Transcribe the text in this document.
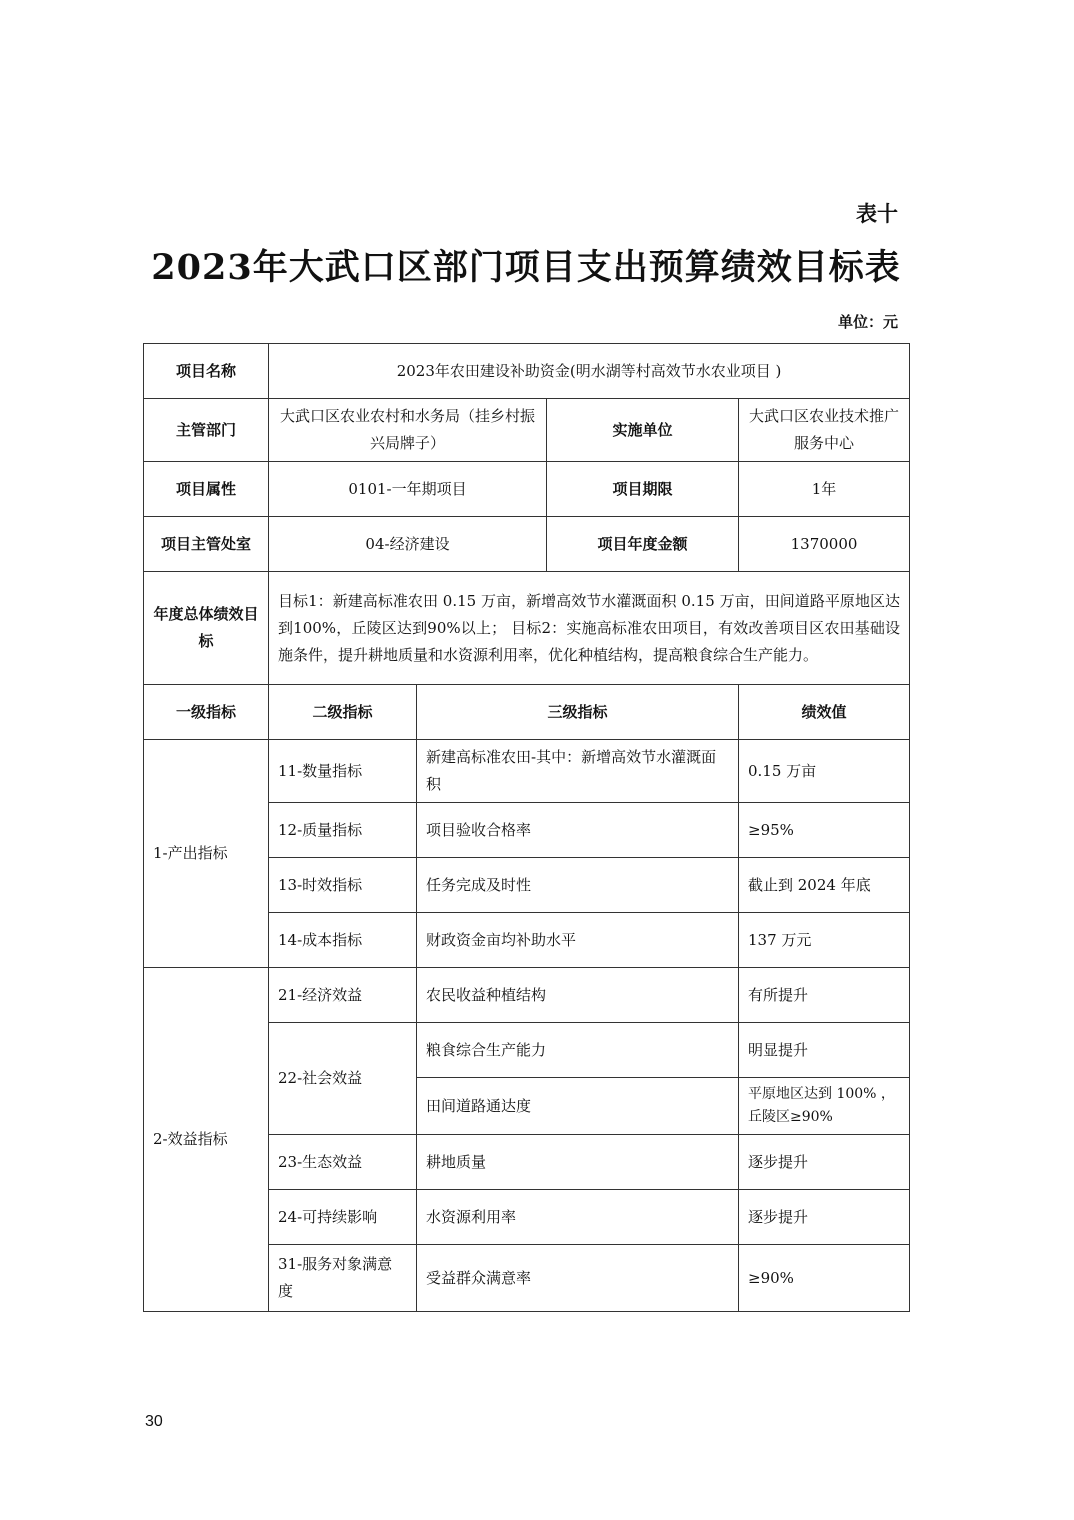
表十
2023年大武口区部门项目支出预算绩效目标表
单位：元
项目名称	2023年农田建设补助资金(明水湖等村高效节水农业项目 )			
主管部门	大武口区农业农村和水务局（挂乡村振兴局牌子）		实施单位	大武口区农业技术推广服务中心
项目属性	0101-一年期项目		项目期限	1年
项目主管处室	04-经济建设		项目年度金额	1370000
年度总体绩效目标	目标1：新建高标准农田 0.15 万亩，新增高效节水灌溉面积 0.15 万亩，田间道路平原地区达到100%，丘陵区达到90%以上； 目标2：实施高标准农田项目，有效改善项目区农田基础设施条件，提升耕地质量和水资源利用率，优化种植结构，提高粮食综合生产能力。			
一级指标	二级指标	三级指标		绩效值
1-产出指标	11-数量指标	新建高标准农田-其中：新增高效节水灌溉面积		0.15 万亩
	12-质量指标	项目验收合格率		≥95%
	13-时效指标	任务完成及时性		截止到 2024 年底
	14-成本指标	财政资金亩均补助水平		137 万元
2-效益指标	21-经济效益	农民收益种植结构		有所提升
	22-社会效益	粮食综合生产能力		明显提升
		田间道路通达度		平原地区达到 100% ，丘陵区≥90%
	23-生态效益	耕地质量		逐步提升
	24-可持续影响	水资源利用率		逐步提升
	31-服务对象满意度	受益群众满意率		≥90%
30
